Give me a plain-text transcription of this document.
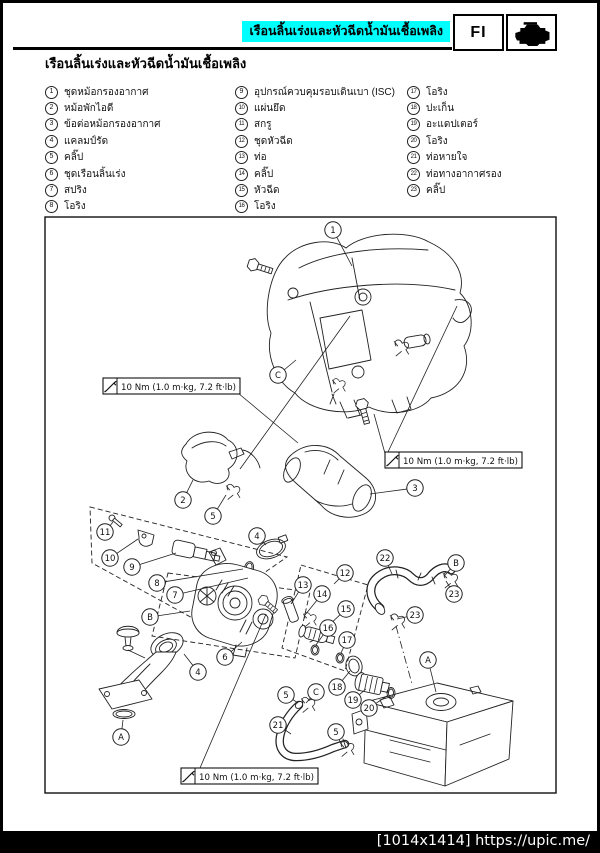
เรือนลิ้นเร่งและหัวฉีดน้ำมันเชื้อเพลิง	FI
เรือนลิ้นเร่งและหัวฉีดน้ำมันเชื้อเพลิง
1	ชุดหม้อกรองอากาศ
2	หม้อพักไอดี
3	ข้อต่อหม้อกรองอากาศ
4	แคลมป์รัด
5	คลิ๊ป
6	ชุดเรือนลิ้นเร่ง
7	สปริง
8	โอริง
9	อุปกรณ์ควบคุมรอบเดินเบา (ISC)
10 แผ่นยึด
11 สกรู
12 ชุดหัวฉีด
13 ท่อ
14 คลิ๊ป
15 หัวฉีด
16 โอริง
17 โอริง
18 ปะเก็น
19 อะแดปเตอร์
20 โอริง
21 ท่อหายใจ
22 ท่อทางอากาศรอง
23 คลิ๊ป
10 Nm (1.0 m·kg, 7.2 ft·lb)
10 Nm (1.0 m·kg, 7.2 ft·lb)
10 Nm (1.0 m·kg, 7.2 ft·lb)
1
C
2
5
11
10
9
4
8
7
B
3
12
13
14
15
16
17
22	B
23
23
A
18
19
20
4
6
A
5	C
21
5
[1014x1414] https://upic.me/
